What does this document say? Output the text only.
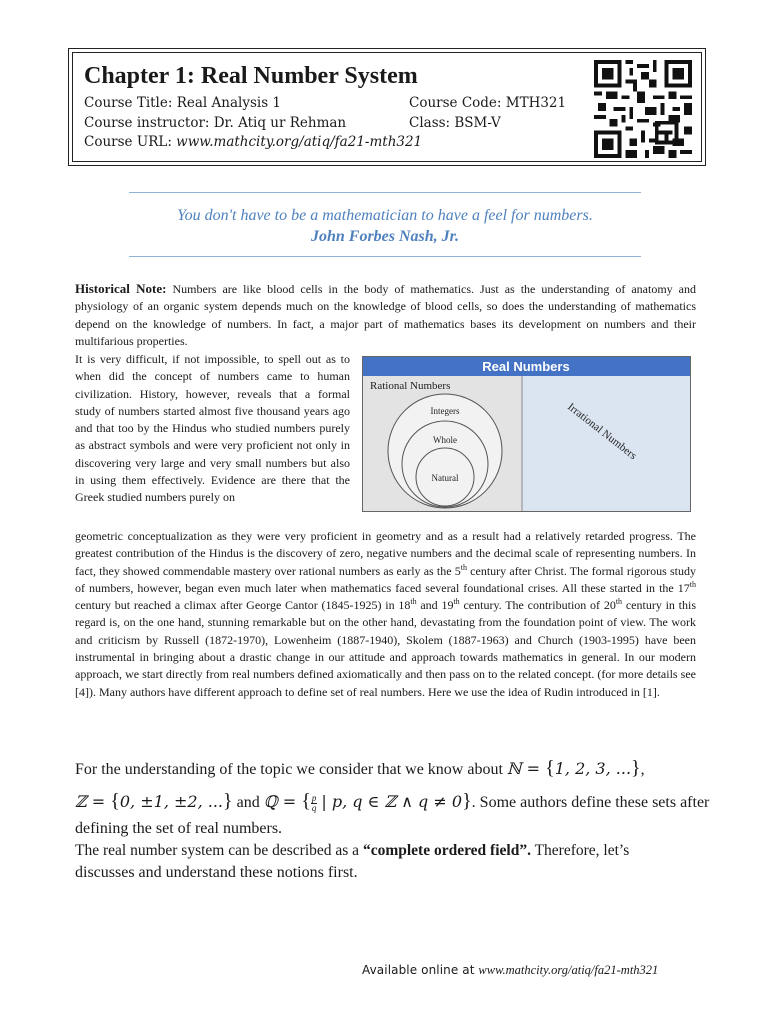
Chapter 1: Real Number System
Course Title: Real Analysis 1	Course Code: MTH321
Course instructor: Dr. Atiq ur Rehman	Class: BSM-V
Course URL: www.mathcity.org/atiq/fa21-mth321
You don't have to be a mathematician to have a feel for numbers.
John Forbes Nash, Jr.

Historical Note: Numbers are like blood cells in the body of mathematics. Just as the understanding of anatomy and physiology of an organic system depends much on the knowledge of blood cells, so does the understanding of mathematics depend on the knowledge of numbers. In fact, a major part of mathematics bases its development on numbers and their multifarious properties.

It is very difficult, if not impossible, to spell out as to when did the concept of numbers came to human civilization. History, however, reveals that a formal study of numbers started almost five thousand years ago and that too by the Hindus who studied numbers purely as abstract symbols and were very proficient not only in discovering very large and very small numbers but also in using them effectively. Evidence are there that the Greek studied numbers purely on

Real Numbers
Rational Numbers
Integers
Whole
Natural
Irrational Numbers

geometric conceptualization as they were very proficient in geometry and as a result had a relatively retarded progress. The greatest contribution of the Hindus is the discovery of zero, negative numbers and the decimal scale of representing numbers. In fact, they showed commendable mastery over rational numbers as early as the 5th century after Christ. The formal rigorous study of numbers, however, began even much later when mathematics faced several foundational crises. All these started in the 17th century but reached a climax after George Cantor (1845-1925) in 18th and 19th century. The contribution of 20th century in this regard is, on the one hand, stunning remarkable but on the other hand, devastating from the foundation point of view. The work and criticism by Russell (1872-1970), Lowenheim (1887-1940), Skolem (1887-1963) and Church (1903-1995) have been instrumental in bringing about a drastic change in our attitude and approach towards mathematics in general. In our modern approach, we start directly from real numbers defined axiomatically and then pass on to the related concept. (for more details see [4]). Many authors have different approach to define set of real numbers. Here we use the idea of Rudin introduced in [1].

For the understanding of the topic we consider that we know about ℕ = {1, 2, 3, ...},
ℤ = {0, ±1, ±2, ...} and ℚ = { $\frac{p}{q}$ | p, q ∈ ℤ ∧ q ≠ 0}. Some authors define these sets after
defining the set of real numbers.
The real number system can be described as a “complete ordered field”. Therefore, let’s
discusses and understand these notions first.
Available online at www.mathcity.org/atiq/fa21-mth321
